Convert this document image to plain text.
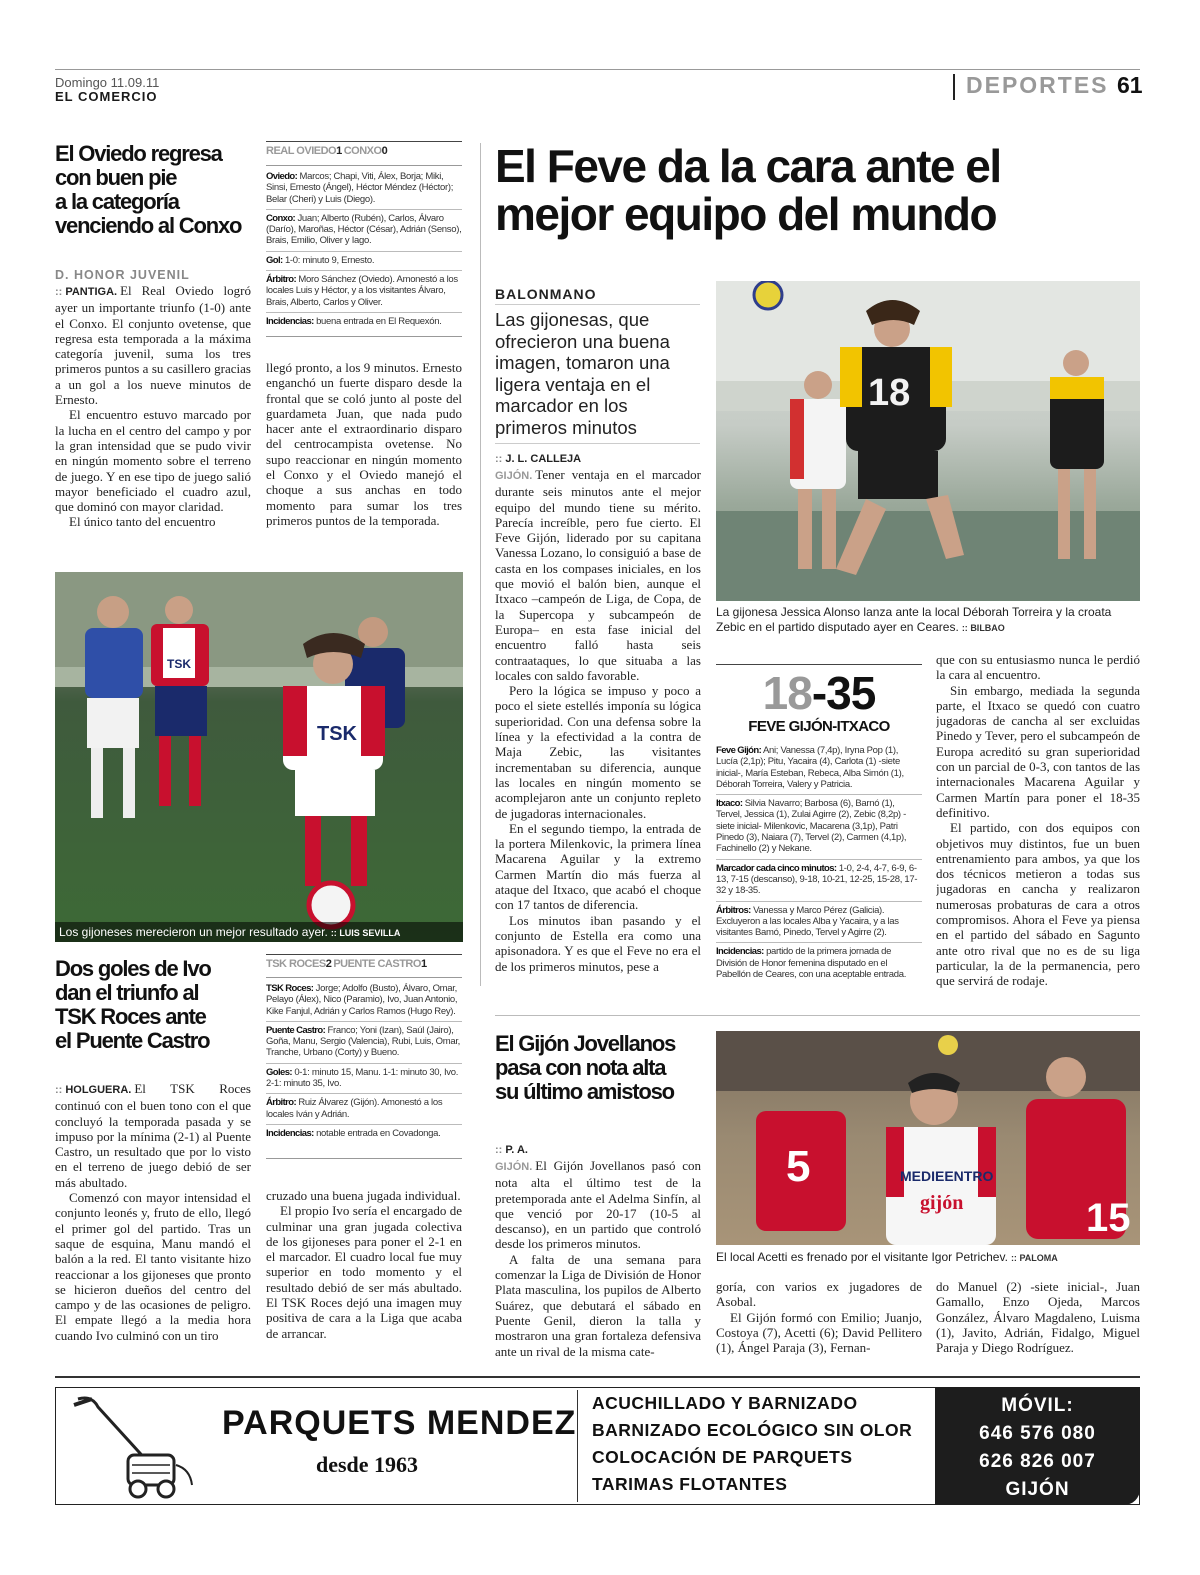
Domingo 11.09.11
EL COMERCIO	DEPORTES 61
El Oviedo regresa
con buen pie
a la categoría
venciendo al Conxo
D. HONOR JUVENIL

:: PANTIGA. El Real Oviedo logró ayer un importante triunfo (1-0) ante el Conxo. El conjunto ovetense, que regresa esta temporada a la máxima categoría juvenil, suma los tres primeros puntos a su casillero gracias a un gol a los nueve minutos de Ernesto.

El encuentro estuvo marcado por la lucha en el centro del campo y por la gran intensidad que se pudo vivir en ningún momento sobre el terreno de juego. Y en ese tipo de juego salió mayor beneficiado el cuadro azul, que dominó con mayor claridad.

El único tanto del encuentro

REAL OVIEDO1 CONXO0
Oviedo: Marcos; Chapi, Viti, Álex, Borja; Miki, Sinsi, Ernesto (Ángel), Héctor Méndez (Héctor); Belar (Cheri) y Luis (Diego).
Conxo: Juan; Alberto (Rubén), Carlos, Álvaro (Darío), Maroñas, Héctor (César), Adrián (Senso), Brais, Emilio, Oliver y Iago.
Gol: 1-0: minuto 9, Ernesto.
Árbitro: Moro Sánchez (Oviedo). Amonestó a los locales Luis y Héctor, y a los visitantes Álvaro, Brais, Alberto, Carlos y Oliver.
Incidencias: buena entrada en El Requexón.

llegó pronto, a los 9 minutos. Ernesto enganchó un fuerte disparo desde la frontal que se coló junto al poste del guardameta Juan, que nada pudo hacer ante el extraordinario disparo del centrocampista ovetense. No supo reaccionar en ningún momento el Conxo y el Oviedo manejó el choque a sus anchas en todo momento para sumar los tres primeros puntos de la temporada.

TSK
TSK
Los gijoneses merecieron un mejor resultado ayer. :: LUIS SEVILLA
Dos goles de Ivo
dan el triunfo al
TSK Roces ante
el Puente Castro

:: HOLGUERA. El TSK Roces continuó con el buen tono con el que concluyó la temporada pasada y se impuso por la mínima (2-1) al Puente Castro, un resultado que por lo visto en el terreno de juego debió de ser más abultado.

Comenzó con mayor intensidad el conjunto leonés y, fruto de ello, llegó el primer gol del partido. Tras un saque de esquina, Manu mandó el balón a la red. El tanto visitante hizo reaccionar a los gijoneses que pronto se hicieron dueños del centro del campo y de las ocasiones de peligro. El empate llegó a la media hora cuando Ivo culminó con un tiro

TSK ROCES2 PUENTE CASTRO1
TSK Roces: Jorge; Adolfo (Busto), Álvaro, Omar, Pelayo (Álex), Nico (Paramio), Ivo, Juan Antonio, Kike Fanjul, Adrián y Carlos Ramos (Hugo Rey).
Puente Castro: Franco; Yoni (Izan), Saúl (Jairo), Goña, Manu, Sergio (Valencia), Rubi, Luis, Omar, Tranche, Urbano (Corty) y Bueno.
Goles: 0-1: minuto 15, Manu. 1-1: minuto 30, Ivo. 2-1: minuto 35, Ivo.
Árbitro: Ruiz Álvarez (Gijón). Amonestó a los locales Iván y Adrián.
Incidencias: notable entrada en Covadonga.

cruzado una buena jugada individual.

El propio Ivo sería el encargado de culminar una gran jugada colectiva de los gijoneses para poner el 2-1 en el marcador. El cuadro local fue muy superior en todo momento y el resultado debió de ser más abultado. El TSK Roces dejó una imagen muy positiva de cara a la Liga que acaba de arrancar.

El Feve da la cara ante el
mejor equipo del mundo
BALONMANO
Las gijonesas, que
ofrecieron una buena
imagen, tomaron una
ligera ventaja en el
marcador en los
primeros minutos
:: J. L. CALLEJA

GIJÓN. Tener ventaja en el marcador durante seis minutos ante el mejor equipo del mundo tiene su mérito. Parecía increíble, pero fue cierto. El Feve Gijón, liderado por su capitana Vanessa Lozano, lo consiguió a base de casta en los compases iniciales, en los que movió el balón bien, aunque el Itxaco –campeón de Liga, de Copa, de la Supercopa y subcampeón de Europa– en esta fase inicial del encuentro falló hasta seis contraataques, lo que situaba a las locales con saldo favorable.

Pero la lógica se impuso y poco a poco el siete estellés imponía su lógica superioridad. Con una defensa sobre la línea y la efectividad a la contra de Maja Zebic, las visitantes incrementaban su diferencia, aunque las locales en ningún momento se acomplejaron ante un conjunto repleto de jugadoras internacionales.

En el segundo tiempo, la entrada de la portera Milenkovic, la primera línea Macarena Aguilar y la extremo Carmen Martín dio más fuerza al ataque del Itxaco, que acabó el choque con 17 tantos de diferencia.

Los minutos iban pasando y el conjunto de Estella era como una apisonadora. Y es que el Feve no era el de los primeros minutos, pese a

18
La gijonesa Jessica Alonso lanza ante la local Déborah Torreira y la croata Zebic en el partido disputado ayer en Ceares. :: BILBAO
18-35
FEVE GIJÓN-ITXACO
Feve Gijón: Ani; Vanessa (7,4p), Iryna Pop (1), Lucía (2,1p); Pitu, Yacaira (4), Carlota (1) -siete inicial-, María Esteban, Rebeca, Alba Simón (1), Déborah Torreira, Valery y Patricia.
Itxaco: Silvia Navarro; Barbosa (6), Barnó (1), Tervel, Jessica (1), Zulai Agirre (2), Zebic (8,2p) -siete inicial- Milenkovic, Macarena (3,1p), Patri Pinedo (3), Naiara (7), Tervel (2), Carmen (4,1p), Fachinello (2) y Nekane.
Marcador cada cinco minutos: 1-0, 2-4, 4-7, 6-9, 6-13, 7-15 (descanso), 9-18, 10-21, 12-25, 15-28, 17-32 y 18-35.
Árbitros: Vanessa y Marco Pérez (Galicia). Excluyeron a las locales Alba y Yacaira, y a las visitantes Bamó, Pinedo, Tervel y Agirre (2).
Incidencias: partido de la primera jornada de División de Honor femenina disputado en el Pabellón de Ceares, con una aceptable entrada.

que con su entusiasmo nunca le perdió la cara al encuentro.

Sin embargo, mediada la segunda parte, el Itxaco se quedó con cuatro jugadoras de cancha al ser excluidas Pinedo y Tever, pero el subcampeón de Europa acreditó su gran superioridad con un parcial de 0-3, con tantos de las internacionales Macarena Aguilar y Carmen Martín para poner el 18-35 definitivo.

El partido, con dos equipos con objetivos muy distintos, fue un buen entrenamiento para ambos, ya que los dos técnicos metieron a todas sus jugadoras en cancha y realizaron numerosas probaturas de cara a otros compromisos. Ahora el Feve ya piensa en el partido del sábado en Sagunto ante otro rival que no es de su liga particular, la de la permanencia, pero que servirá de rodaje.

El Gijón Jovellanos
pasa con nota alta
su último amistoso
:: P. A.

GIJÓN. El Gijón Jovellanos pasó con nota alta el último test de la pretemporada ante el Adelma Sinfín, al que venció por 20-17 (10-5 al descanso), en un partido que controló desde los primeros minutos.

A falta de una semana para comenzar la Liga de División de Honor Plata masculina, los pupilos de Alberto Suárez, que debutará el sábado en Puente Genil, dieron la talla y mostraron una gran fortaleza defensiva ante un rival de la misma cate-

5	MEDIEENTRO
gijón	15
El local Acetti es frenado por el visitante Igor Petrichev. :: PALOMA

goría, con varios ex jugadores de Asobal.

El Gijón formó con Emilio; Juanjo, Costoya (7), Acetti (6); David Pellitero (1), Ángel Paraja (3), Fernan-

do Manuel (2) -siete inicial-, Juan Gamallo, Enzo Ojeda, Marcos González, Álvaro Magdaleno, Luisma (1), Javito, Adrián, Fidalgo, Miguel Paraja y Diego Rodríguez.

PARQUETS MENDEZ
desde 1963
ACUCHILLADO Y BARNIZADO
BARNIZADO ECOLÓGICO SIN OLOR
COLOCACIÓN DE PARQUETS
TARIMAS FLOTANTES
MÓVIL:
646 576 080
626 826 007
GIJÓN
